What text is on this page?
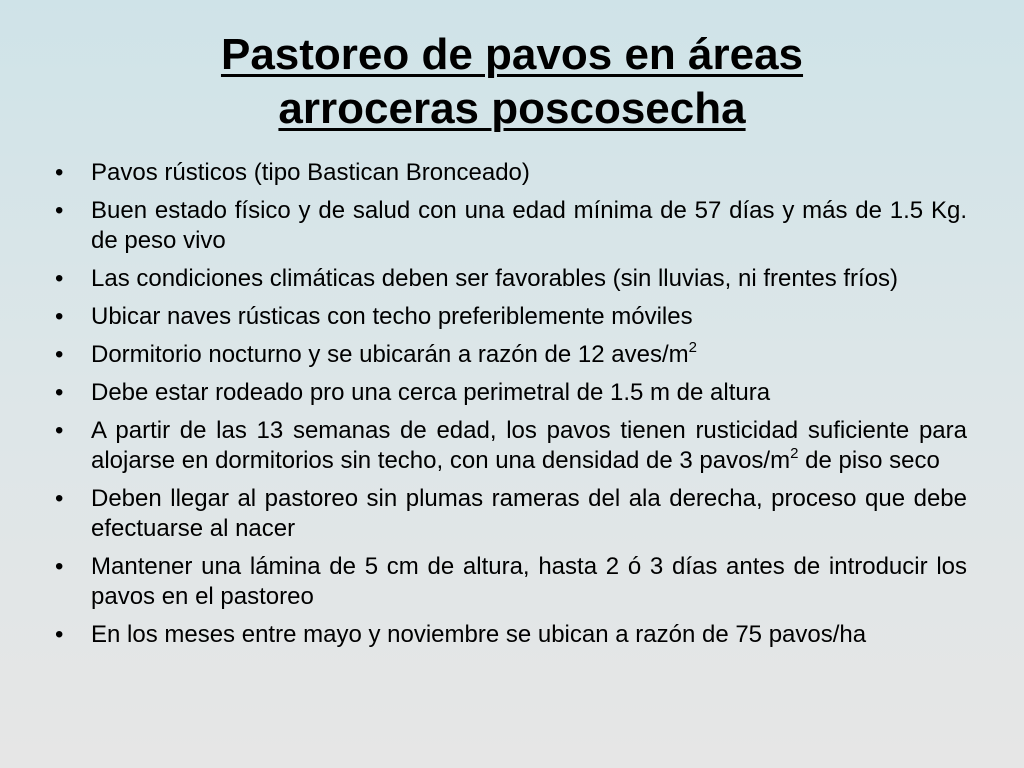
Pastoreo de pavos en áreas
arroceras poscosecha
•	Pavos rústicos (tipo Bastican Bronceado)
•	Buen estado físico y de salud con una edad mínima de 57 días y más de 1.5 Kg. de peso vivo
•	Las condiciones climáticas deben ser favorables (sin lluvias, ni frentes fríos)
•	Ubicar naves rústicas con techo preferiblemente móviles
•	Dormitorio nocturno y se ubicarán a razón de 12 aves/$m^2$
•	Debe estar rodeado pro una cerca perimetral de 1.5 m de altura
•	A partir de las 13 semanas de edad, los pavos tienen rusticidad suficiente para alojarse en dormitorios sin techo, con una densidad de 3 pavos/$m^2$ de piso seco
•	Deben llegar al pastoreo sin plumas rameras del ala derecha, proceso que debe efectuarse al nacer
•	Mantener una lámina de 5 cm de altura, hasta 2 ó 3 días antes de introducir los pavos en el pastoreo
•	En los meses entre mayo y noviembre se ubican a razón de 75 pavos/ha
